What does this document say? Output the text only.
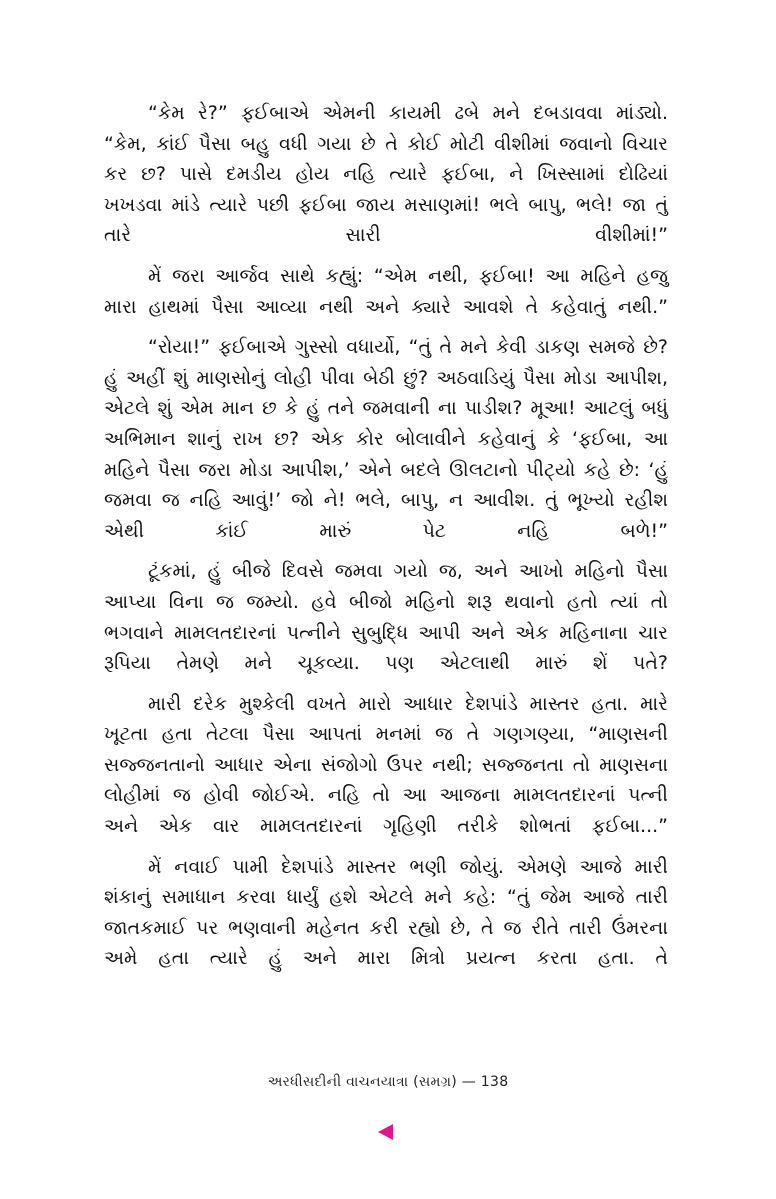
“કેમ રે?” ફઈબાએ એમની કાયમી ઢબે મને દબડાવવા માંડ્યો. “કેમ, કાંઈ પૈસા બહુ વધી ગયા છે તે કોઈ મોટી વીશીમાં જવાનો વિચાર કર છ? પાસે દમડીય હોય નહિ ત્યારે ફઈબા, ને ખિસ્સામાં દોઢિયાં ખખડવા માંડે ત્યારે પછી ફઈબા જાય મસાણમાં! ભલે બાપુ, ભલે! જા તું તારે સારી વીશીમાં!”

મેં જરા આર્જવ સાથે કહ્યું: “એમ નથી, ફઈબા! આ મહિને હજુ મારા હાથમાં પૈસા આવ્યા નથી અને ક્યારે આવશે તે કહેવાતું નથી.”

“રોયા!” ફઈબાએ ગુસ્સો વધાર્યો, “તું તે મને કેવી ડાકણ સમજે છે? હું અહીં શું માણસોનું લોહી પીવા બેઠી છું? અઠવાડિયું પૈસા મોડા આપીશ, એટલે શું એમ માન છ કે હું તને જમવાની ના પાડીશ? મૂઆ! આટલું બધું અભિમાન શાનું રાખ છ? એક કોર બોલાવીને કહેવાનું કે ‘ફઈબા, આ મહિને પૈસા જરા મોડા આપીશ,’ એને બદલે ઊલટાનો પીટ્યો કહે છે: ‘હું જમવા જ નહિ આવું!’ જો ને! ભલે, બાપુ, ન આવીશ. તું ભૂખ્યો રહીશ એથી કાંઈ મારું પેટ નહિ બળે!”

ટૂંકમાં, હું બીજે દિવસે જમવા ગયો જ, અને આખો મહિનો પૈસા આપ્યા વિના જ જમ્યો. હવે બીજો મહિનો શરૂ થવાનો હતો ત્યાં તો ભગવાને મામલતદારનાં પત્નીને સુબુદ્ધિ આપી અને એક મહિનાના ચાર રૂપિયા તેમણે મને ચૂકવ્યા. પણ એટલાથી મારું શેં પતે?

મારી દરેક મુશ્કેલી વખતે મારો આધાર દેશપાંડે માસ્તર હતા. મારે ખૂટતા હતા તેટલા પૈસા આપતાં મનમાં જ તે ગણગણ્યા, “માણસની સજ્જનતાનો આધાર એના સંજોગો ઉપર નથી; સજ્જનતા તો માણસના લોહીમાં જ હોવી જોઈએ. નહિ તો આ આજના મામલતદારનાં પત્ની અને એક વાર મામલતદારનાં ગૃહિણી તરીકે શોભતાં ફઈબા...”

મેં નવાઈ પામી દેશપાંડે માસ્તર ભણી જોયું. એમણે આજે મારી શંકાનું સમાધાન કરવા ધાર્યું હશે એટલે મને કહે: “તું જેમ આજે તારી જાતકમાઈ પર ભણવાની મહેનત કરી રહ્યો છે, તે જ રીતે તારી ઉંમરના અમે હતા ત્યારે હું અને મારા મિત્રો પ્રયત્ન કરતા હતા. તે

અરધીસદીની વાચનયાત્રા (સમગ્ર) — 138
